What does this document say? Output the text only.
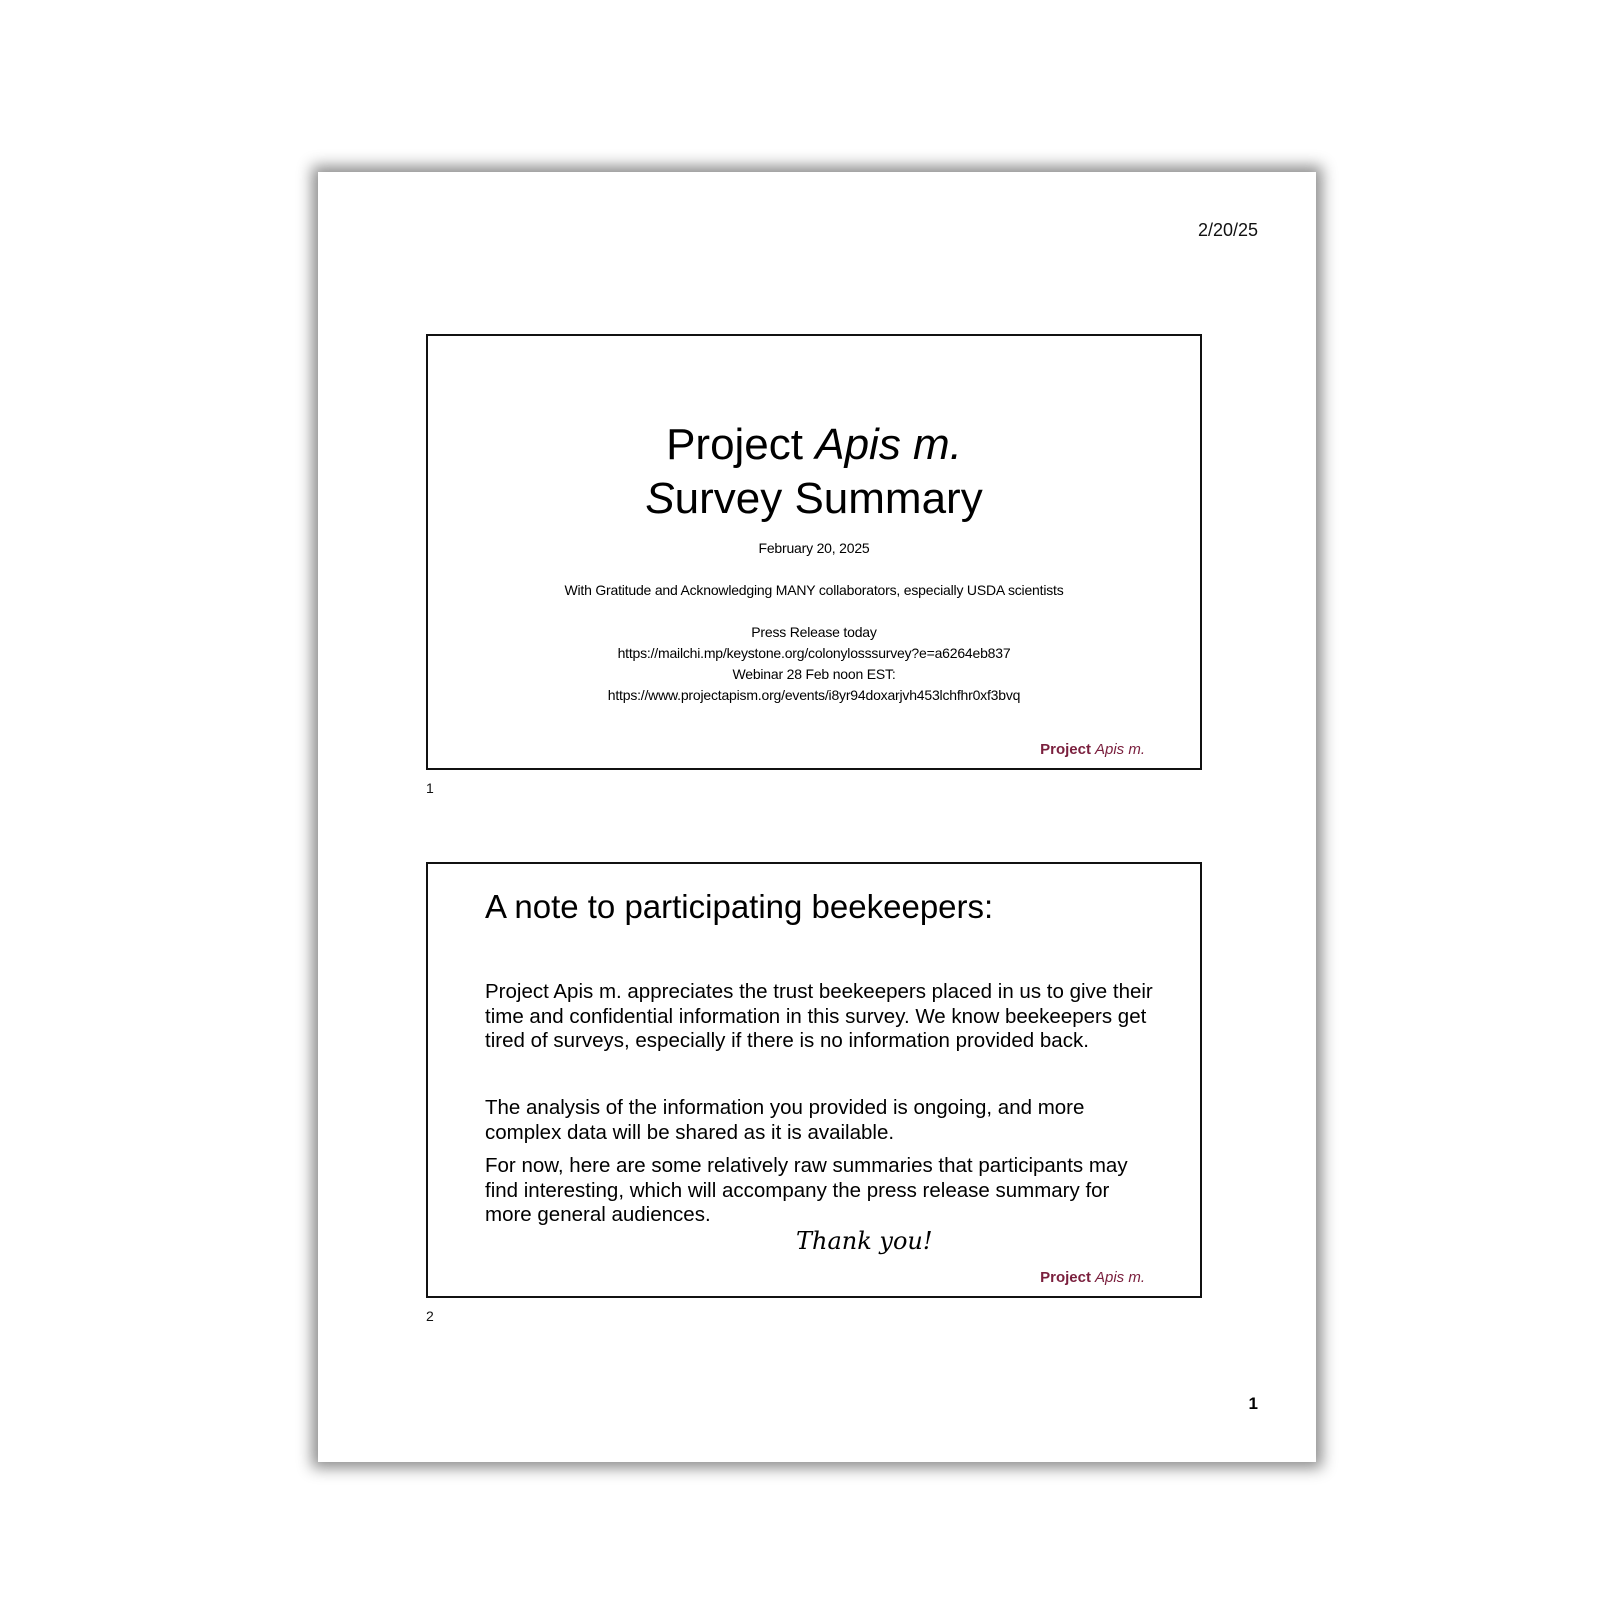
2/20/25
Project Apis m.
Survey Summary
February 20, 2025
With Gratitude and Acknowledging MANY collaborators, especially USDA scientists
Press Release today
https://mailchi.mp/keystone.org/colonylosssurvey?e=a6264eb837
Webinar 28 Feb noon EST:
https://www.projectapism.org/events/i8yr94doxarjvh453lchfhr0xf3bvq
Project Apis m.
1
A note to participating beekeepers:
Project Apis m. appreciates the trust beekeepers placed in us to give their time and confidential information in this survey. We know beekeepers get tired of surveys, especially if there is no information provided back.
The analysis of the information you provided is ongoing, and more complex data will be shared as it is available.
For now, here are some relatively raw summaries that participants may find interesting, which will accompany the press release summary for more general audiences.
Thank you!
Project Apis m.
2
1
